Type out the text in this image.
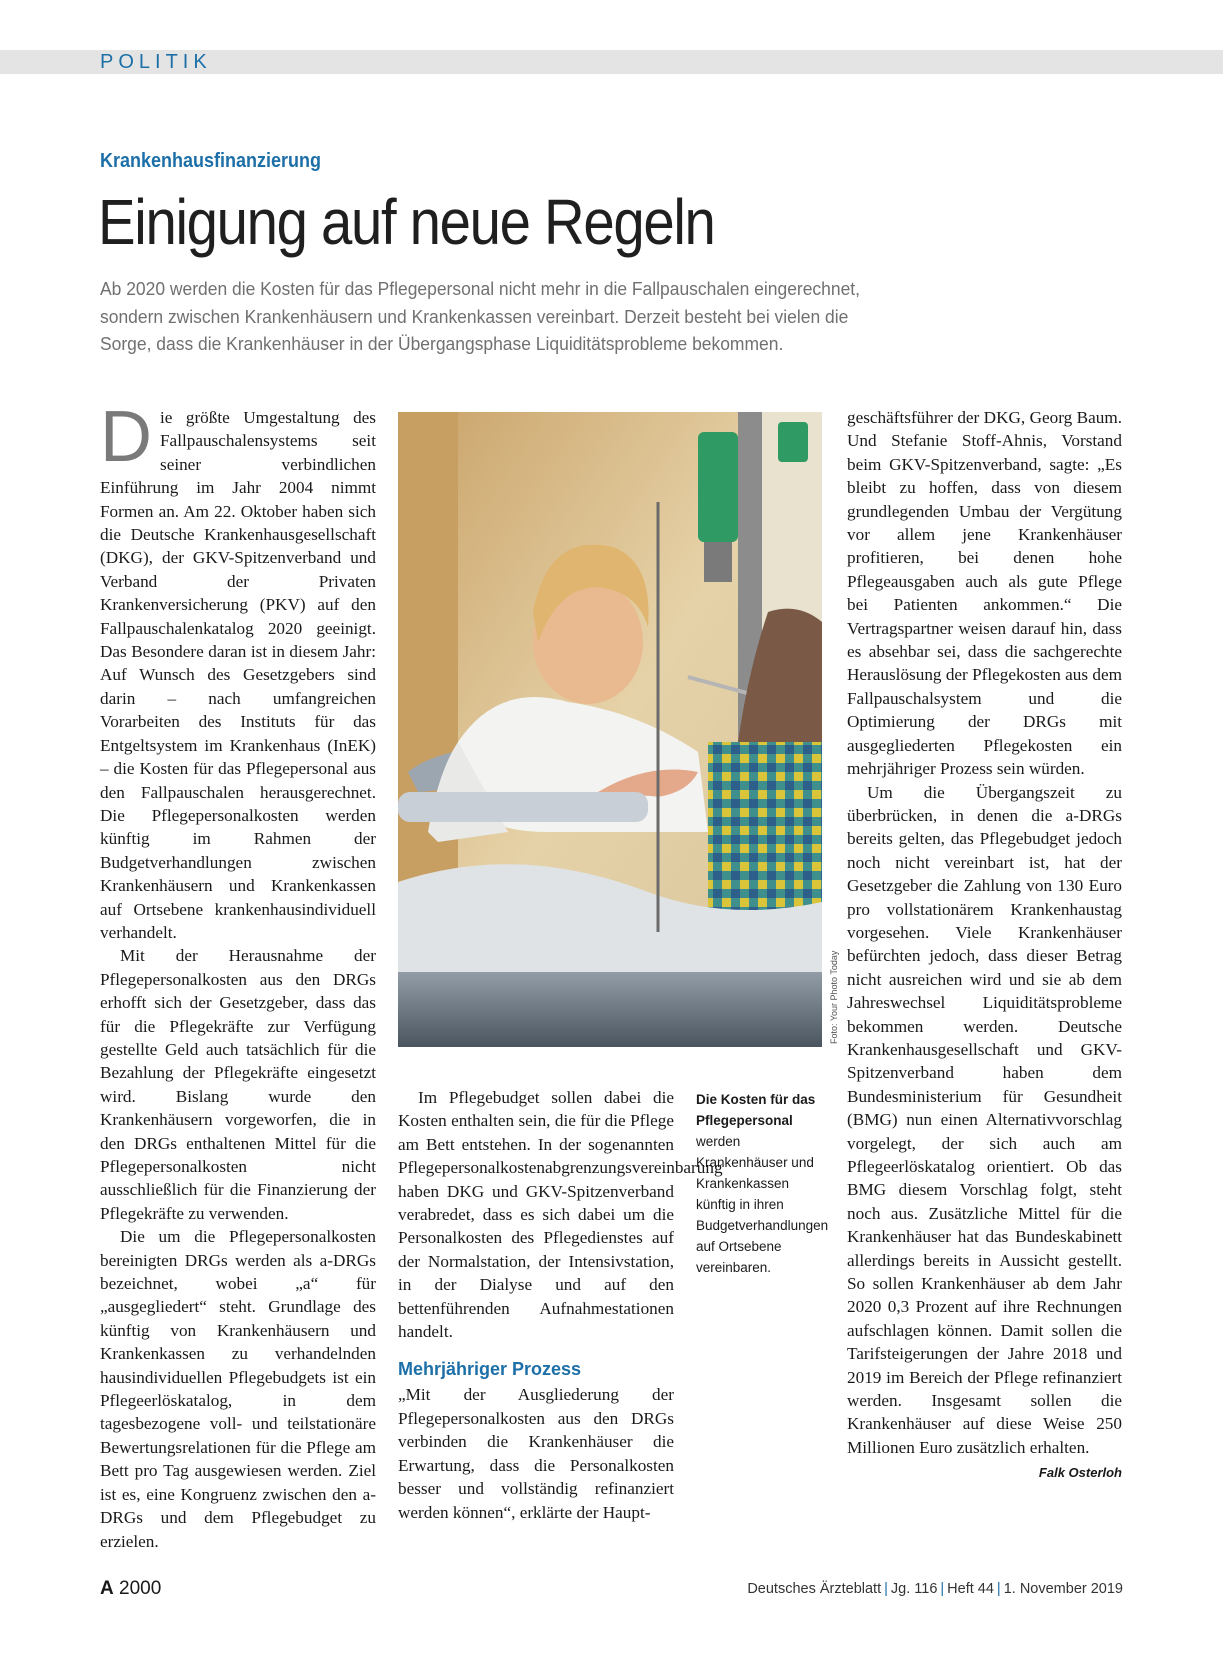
POLITIK
Krankenhausfinanzierung
Einigung auf neue Regeln
Ab 2020 werden die Kosten für das Pflegepersonal nicht mehr in die Fallpauschalen eingerechnet,
sondern zwischen Krankenhäusern und Krankenkassen vereinbart. Derzeit besteht bei vielen die
Sorge, dass die Krankenhäuser in der Übergangsphase Liquiditätsprobleme bekommen.

Die größte Umgestaltung des Fallpauschalensystems seit seiner verbindlichen Einführung im Jahr 2004 nimmt Formen an. Am 22. Oktober haben sich die Deutsche Krankenhausgesellschaft (DKG), der GKV-Spitzenverband und Verband der Privaten Krankenversicherung (PKV) auf den Fallpauschalenkatalog 2020 geeinigt. Das Besondere daran ist in diesem Jahr: Auf Wunsch des Gesetzgebers sind darin – nach umfangreichen Vorarbeiten des Instituts für das Entgeltsystem im Krankenhaus (InEK) – die Kosten für das Pflegepersonal aus den Fallpauschalen herausgerechnet. Die Pflegepersonalkosten werden künftig im Rahmen der Budgetverhandlungen zwischen Krankenhäusern und Krankenkassen auf Ortsebene krankenhausindividuell verhandelt.

Mit der Herausnahme der Pflegepersonalkosten aus den DRGs erhofft sich der Gesetzgeber, dass das für die Pflegekräfte zur Verfügung gestellte Geld auch tatsächlich für die Bezahlung der Pflegekräfte eingesetzt wird. Bislang wurde den Krankenhäusern vorgeworfen, die in den DRGs enthaltenen Mittel für die Pflegepersonalkosten nicht ausschließlich für die Finanzierung der Pflegekräfte zu verwenden.

Die um die Pflegepersonalkosten bereinigten DRGs werden als a-DRGs bezeichnet, wobei „a“ für „ausgegliedert“ steht. Grundlage des künftig von Krankenhäusern und Krankenkassen zu verhandelnden hausindividuellen Pflegebudgets ist ein Pflegeerlöskatalog, in dem tagesbezogene voll- und teilstationäre Bewertungsrelationen für die Pflege am Bett pro Tag ausgewiesen werden. Ziel ist es, eine Kongruenz zwischen den a-DRGs und dem Pflegebudget zu erzielen.

Foto: Your Photo Today

Im Pflegebudget sollen dabei die Kosten enthalten sein, die für die Pflege am Bett entstehen. In der sogenannten Pflegepersonalkostenabgrenzungsvereinbarung haben DKG und GKV-Spitzenverband verabredet, dass es sich dabei um die Personalkosten des Pflegedienstes auf der Normalstation, der Intensivstation, in der Dialyse und auf den bettenführenden Aufnahmestationen handelt.

Mehrjähriger Prozess

„Mit der Ausgliederung der Pflegepersonalkosten aus den DRGs verbinden die Krankenhäuser die Erwartung, dass die Personalkosten besser und vollständig refinanziert werden können“, erklärte der Haupt-

Die Kosten für das Pflegepersonal werden Krankenhäuser und Krankenkassen künftig in ihren Budgetverhandlungen auf Ortsebene vereinbaren.

geschäftsführer der DKG, Georg Baum. Und Stefanie Stoff-Ahnis, Vorstand beim GKV-Spitzenverband, sagte: „Es bleibt zu hoffen, dass von diesem grundlegenden Umbau der Vergütung vor allem jene Krankenhäuser profitieren, bei denen hohe Pflegeausgaben auch als gute Pflege bei Patienten ankommen.“ Die Vertragspartner weisen darauf hin, dass es absehbar sei, dass die sachgerechte Herauslösung der Pflegekosten aus dem Fallpauschalsystem und die Optimierung der DRGs mit ausgegliederten Pflegekosten ein mehrjähriger Prozess sein würden.

Um die Übergangszeit zu überbrücken, in denen die a-DRGs bereits gelten, das Pflegebudget jedoch noch nicht vereinbart ist, hat der Gesetzgeber die Zahlung von 130 Euro pro vollstationärem Krankenhaustag vorgesehen. Viele Krankenhäuser befürchten jedoch, dass dieser Betrag nicht ausreichen wird und sie ab dem Jahreswechsel Liquiditätsprobleme bekommen werden. Deutsche Krankenhausgesellschaft und GKV-Spitzenverband haben dem Bundesministerium für Gesundheit (BMG) nun einen Alternativvorschlag vorgelegt, der sich auch am Pflegeerlöskatalog orientiert. Ob das BMG diesem Vorschlag folgt, steht noch aus. Zusätzliche Mittel für die Krankenhäuser hat das Bundeskabinett allerdings bereits in Aussicht gestellt. So sollen Krankenhäuser ab dem Jahr 2020 0,3 Prozent auf ihre Rechnungen aufschlagen können. Damit sollen die Tarifsteigerungen der Jahre 2018 und 2019 im Bereich der Pflege refinanziert werden. Insgesamt sollen die Krankenhäuser auf diese Weise 250 Millionen Euro zusätzlich erhalten.
Falk Osterloh

A 2000	Deutsches Ärzteblatt | Jg. 116 | Heft 44 | 1. November 2019
